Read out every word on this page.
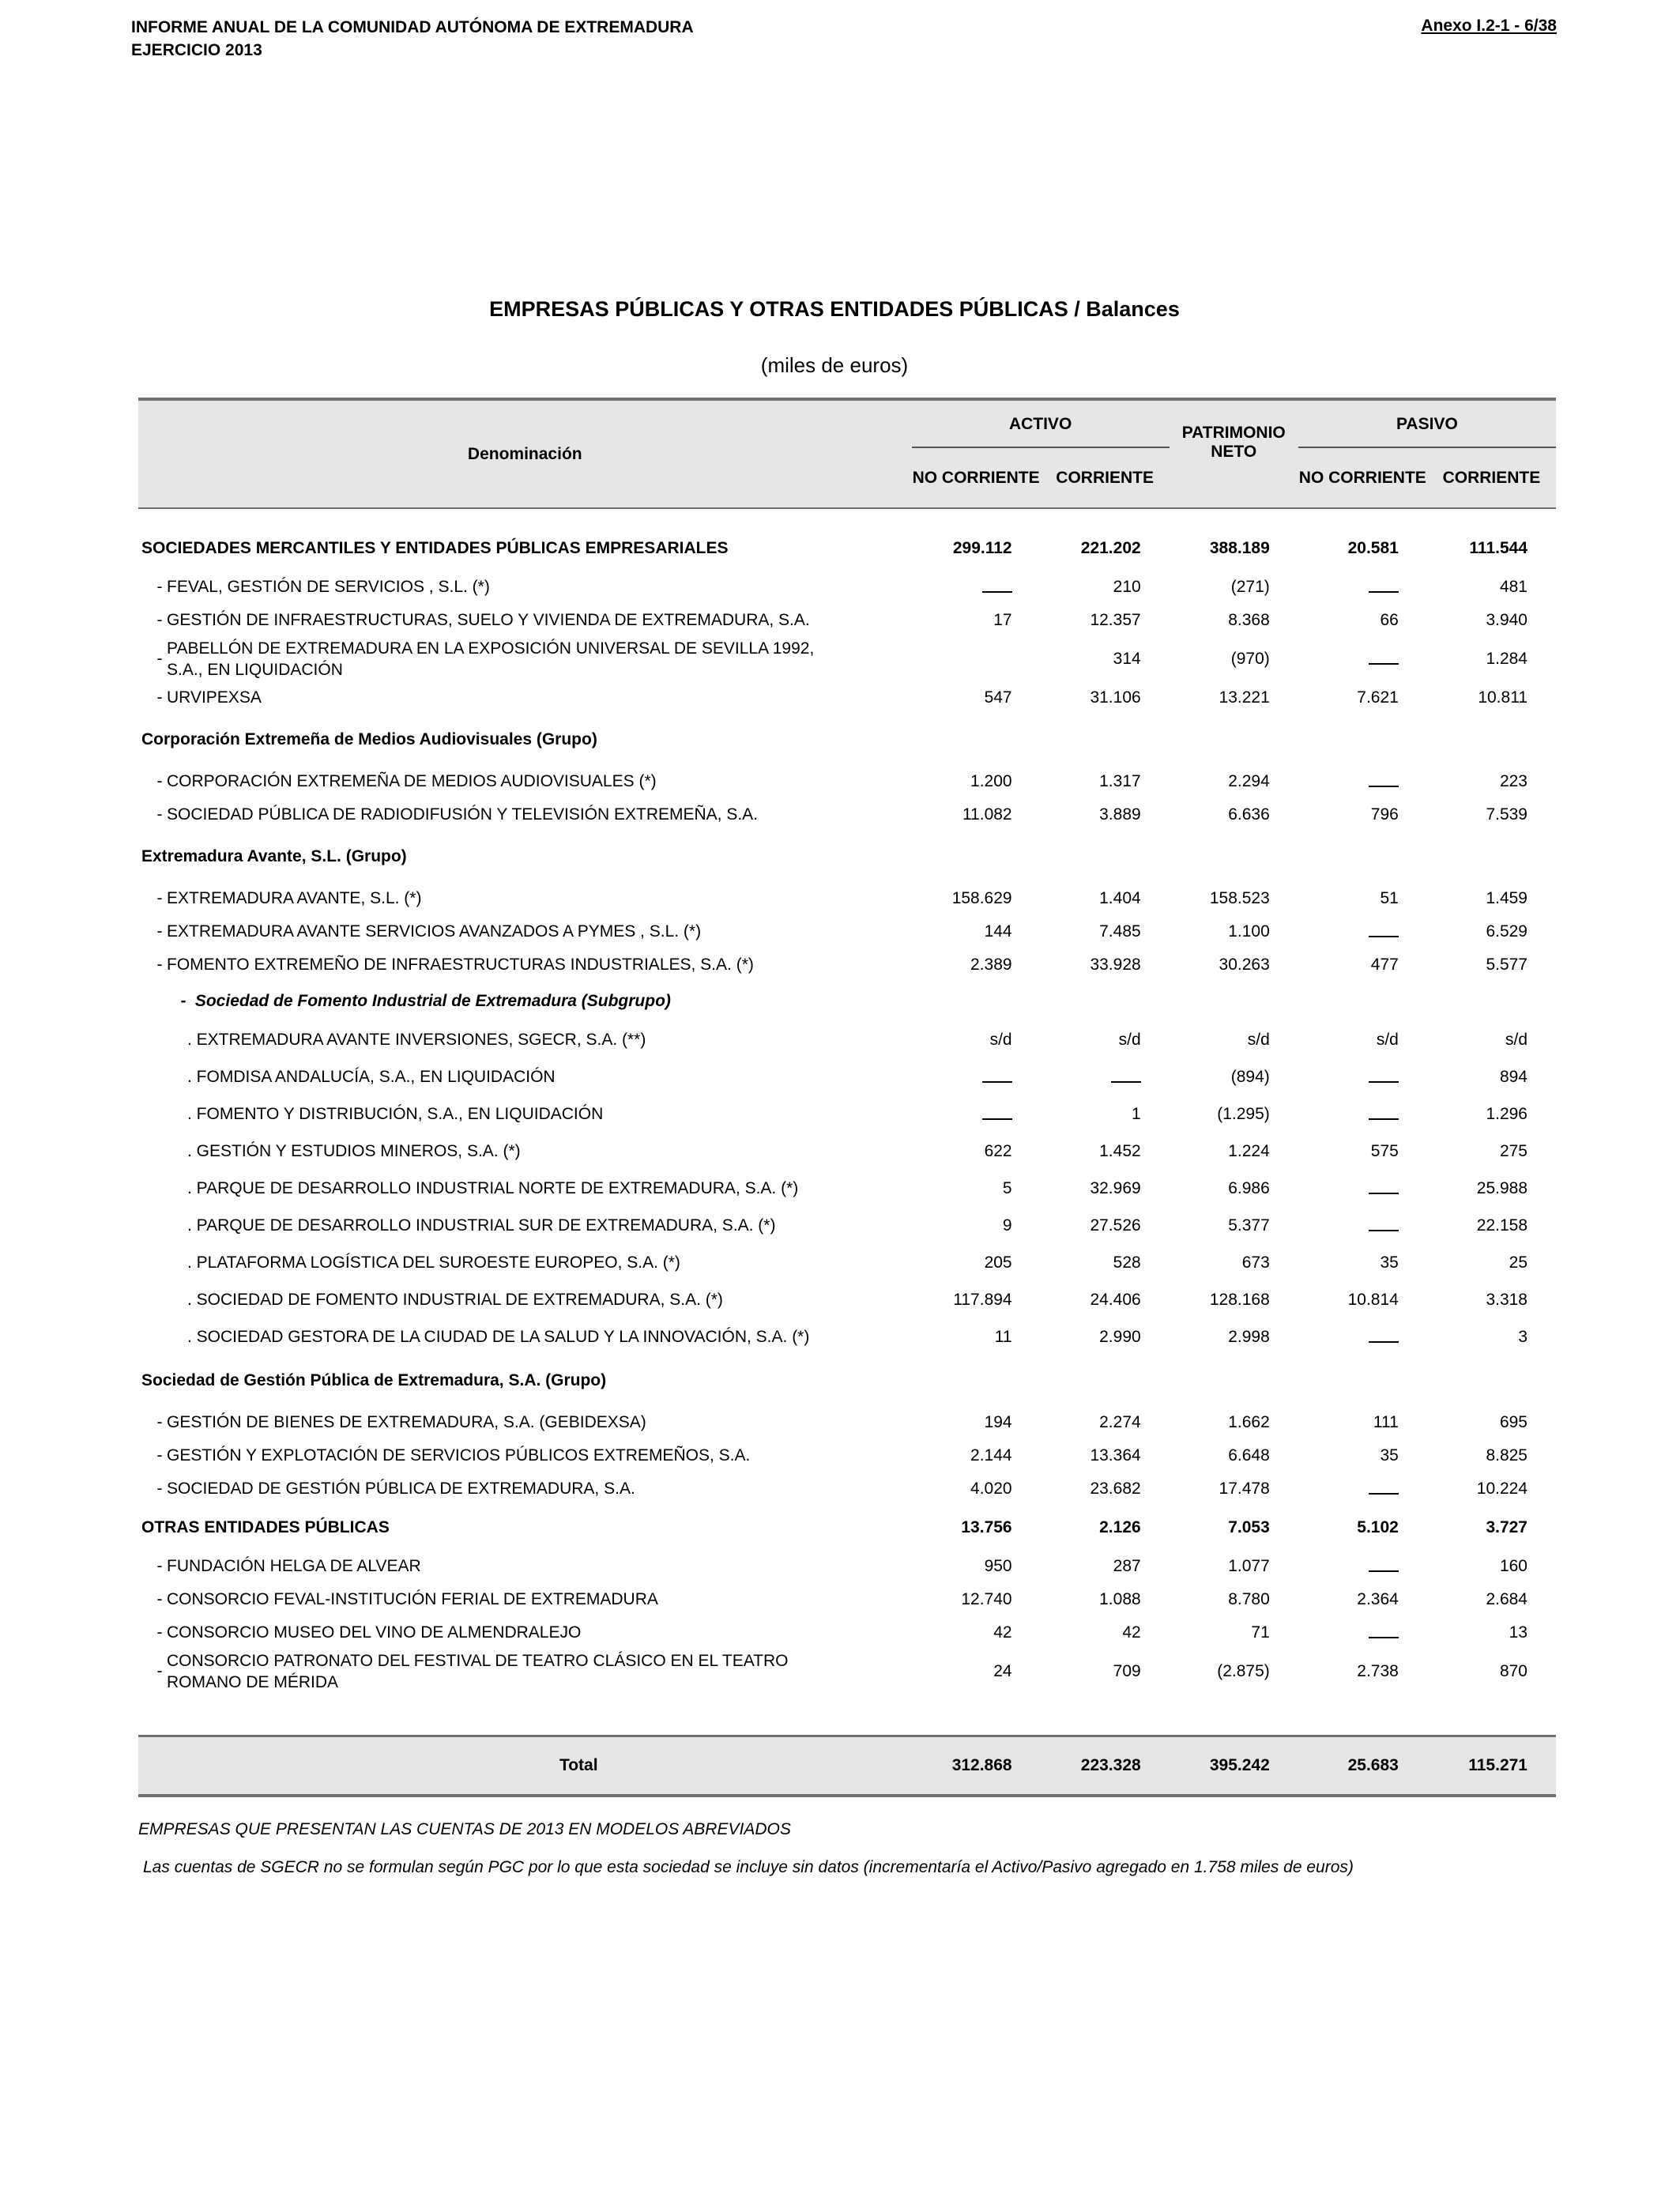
INFORME ANUAL DE LA COMUNIDAD AUTÓNOMA DE EXTREMADURA
EJERCICIO 2013
Anexo I.2-1 - 6/38
EMPRESAS PÚBLICAS Y OTRAS ENTIDADES PÚBLICAS / Balances
(miles de euros)
Denominación	ACTIVO		PATRIMONIO NETO	PASIVO	
	NO CORRIENTE	CORRIENTE		NO CORRIENTE	CORRIENTE

SOCIEDADES MERCANTILES Y ENTIDADES PÚBLICAS EMPRESARIALES	299.112	221.202	388.189	20.581	111.544
- FEVAL, GESTIÓN DE SERVICIOS , S.L. (*)		210	(271)		481
- GESTIÓN DE INFRAESTRUCTURAS, SUELO Y VIVIENDA DE EXTREMADURA, S.A.	17	12.357	8.368	66	3.940
-PABELLÓN DE EXTREMADURA EN LA EXPOSICIÓN UNIVERSAL DE SEVILLA 1992,
S.A., EN LIQUIDACIÓN		314	(970)		1.284
- URVIPEXSA	547	31.106	13.221	7.621	10.811
Corporación Extremeña de Medios Audiovisuales (Grupo)					
- CORPORACIÓN EXTREMEÑA DE MEDIOS AUDIOVISUALES (*)	1.200	1.317	2.294		223
- SOCIEDAD PÚBLICA DE RADIODIFUSIÓN Y TELEVISIÓN EXTREMEÑA, S.A.	11.082	3.889	6.636	796	7.539
Extremadura Avante, S.L. (Grupo)					
- EXTREMADURA AVANTE, S.L. (*)	158.629	1.404	158.523	51	1.459
- EXTREMADURA AVANTE SERVICIOS AVANZADOS A PYMES , S.L. (*)	144	7.485	1.100		6.529
- FOMENTO EXTREMEÑO DE INFRAESTRUCTURAS INDUSTRIALES, S.A. (*)	2.389	33.928	30.263	477	5.577
- Sociedad de Fomento Industrial de Extremadura (Subgrupo)					
. EXTREMADURA AVANTE INVERSIONES, SGECR, S.A. (**)	s/d	s/d	s/d	s/d	s/d
. FOMDISA ANDALUCÍA, S.A., EN LIQUIDACIÓN			(894)		894
. FOMENTO Y DISTRIBUCIÓN, S.A., EN LIQUIDACIÓN		1	(1.295)		1.296
. GESTIÓN Y ESTUDIOS MINEROS, S.A. (*)	622	1.452	1.224	575	275
. PARQUE DE DESARROLLO INDUSTRIAL NORTE DE EXTREMADURA, S.A. (*)	5	32.969	6.986		25.988
. PARQUE DE DESARROLLO INDUSTRIAL SUR DE EXTREMADURA, S.A. (*)	9	27.526	5.377		22.158
. PLATAFORMA LOGÍSTICA DEL SUROESTE EUROPEO, S.A. (*)	205	528	673	35	25
. SOCIEDAD DE FOMENTO INDUSTRIAL DE EXTREMADURA, S.A. (*)	117.894	24.406	128.168	10.814	3.318
. SOCIEDAD GESTORA DE LA CIUDAD DE LA SALUD Y LA INNOVACIÓN, S.A. (*)	11	2.990	2.998		3
Sociedad de Gestión Pública de Extremadura, S.A. (Grupo)					
- GESTIÓN DE BIENES DE EXTREMADURA, S.A. (GEBIDEXSA)	194	2.274	1.662	111	695
- GESTIÓN Y EXPLOTACIÓN DE SERVICIOS PÚBLICOS EXTREMEÑOS, S.A.	2.144	13.364	6.648	35	8.825
- SOCIEDAD DE GESTIÓN PÚBLICA DE EXTREMADURA, S.A.	4.020	23.682	17.478		10.224
OTRAS ENTIDADES PÚBLICAS	13.756	2.126	7.053	5.102	3.727
- FUNDACIÓN HELGA DE ALVEAR	950	287	1.077		160
- CONSORCIO FEVAL-INSTITUCIÓN FERIAL DE EXTREMADURA	12.740	1.088	8.780	2.364	2.684
- CONSORCIO MUSEO DEL VINO DE ALMENDRALEJO	42	42	71		13
-CONSORCIO PATRONATO DEL FESTIVAL DE TEATRO CLÁSICO EN EL TEATRO
ROMANO DE MÉRIDA	24	709	(2.875)	2.738	870

Total	312.868	223.328	395.242	25.683	115.271
EMPRESAS QUE PRESENTAN LAS CUENTAS DE 2013 EN MODELOS ABREVIADOS
Las cuentas de SGECR no se formulan según PGC por lo que esta sociedad se incluye sin datos (incrementaría el Activo/Pasivo agregado en 1.758 miles de euros)
